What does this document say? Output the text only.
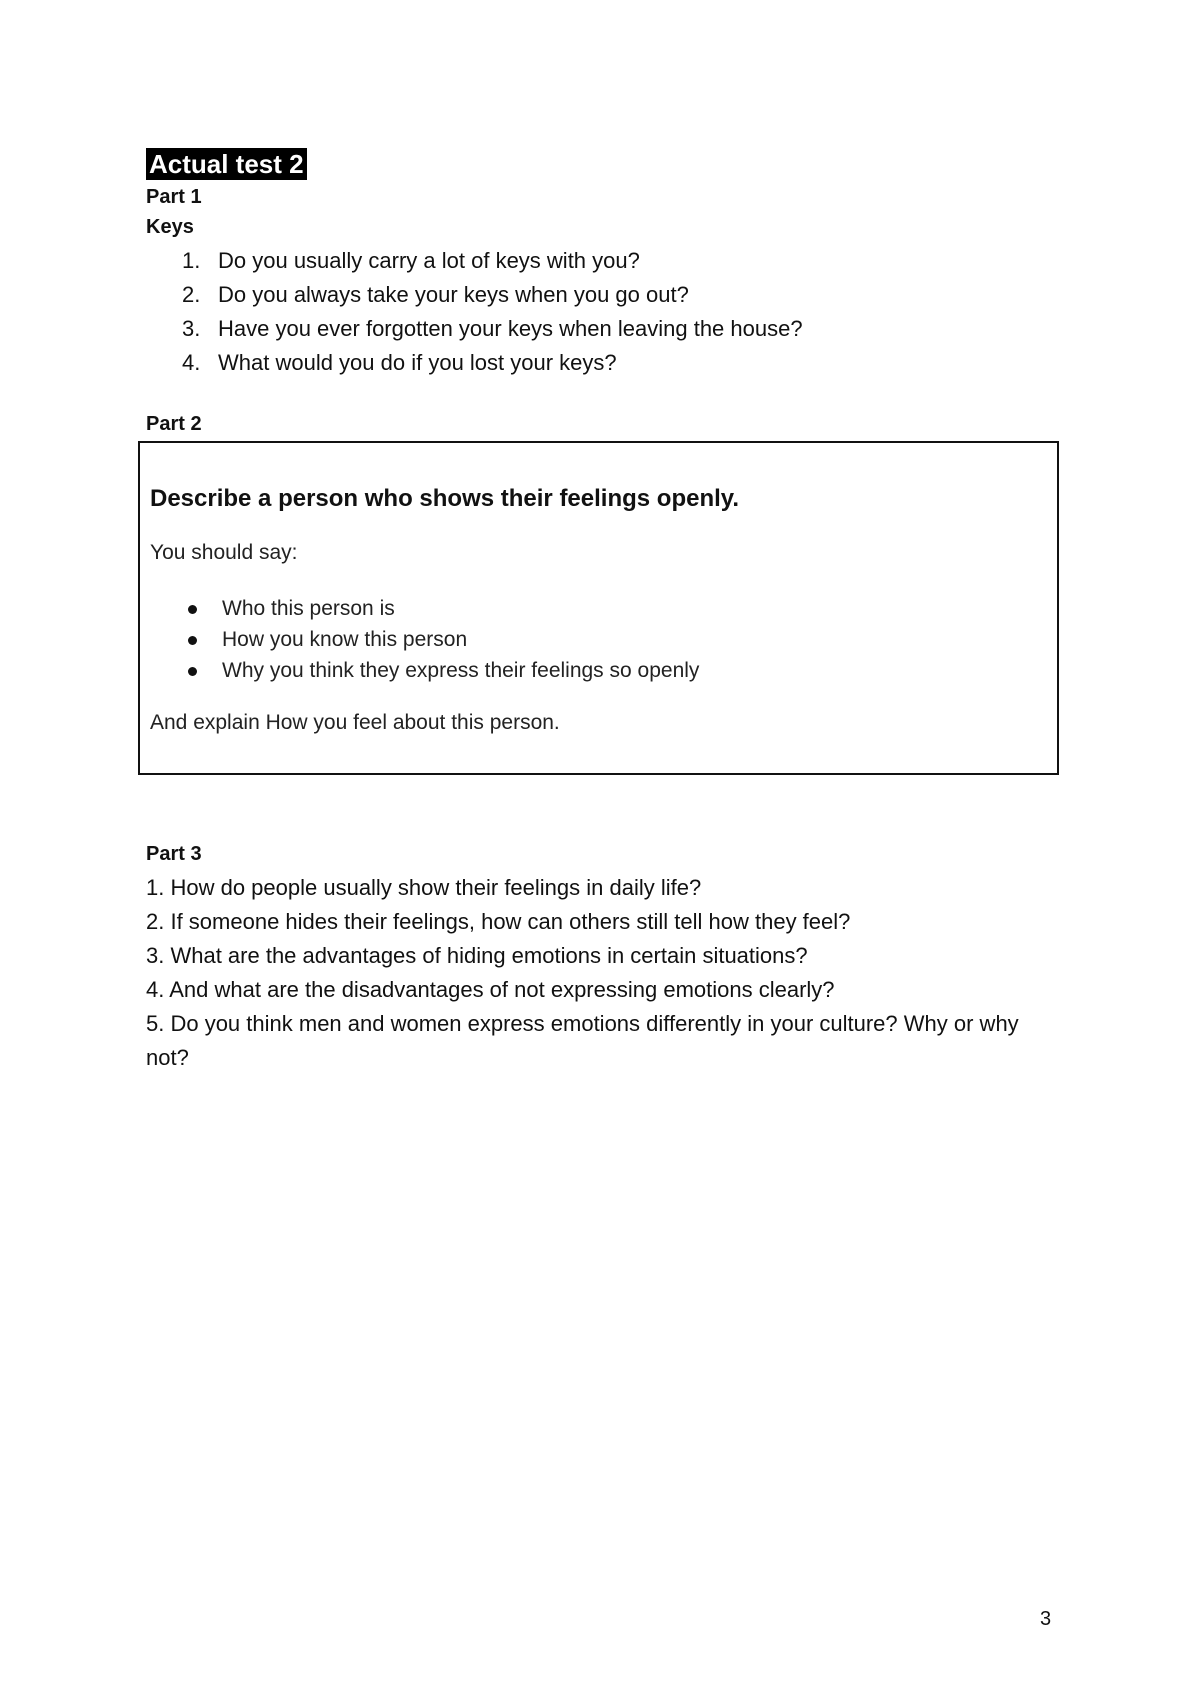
Actual test 2
Part 1
Keys
1. Do you usually carry a lot of keys with you?
2. Do you always take your keys when you go out?
3. Have you ever forgotten your keys when leaving the house?
4. What would you do if you lost your keys?
Part 2
Describe a person who shows their feelings openly.
You should say:
Who this person is
How you know this person
Why you think they express their feelings so openly
And explain How you feel about this person.
Part 3
1. How do people usually show their feelings in daily life?
2. If someone hides their feelings, how can others still tell how they feel?
3. What are the advantages of hiding emotions in certain situations?
4. And what are the disadvantages of not expressing emotions clearly?
5. Do you think men and women express emotions differently in your culture? Why or why not?
3
